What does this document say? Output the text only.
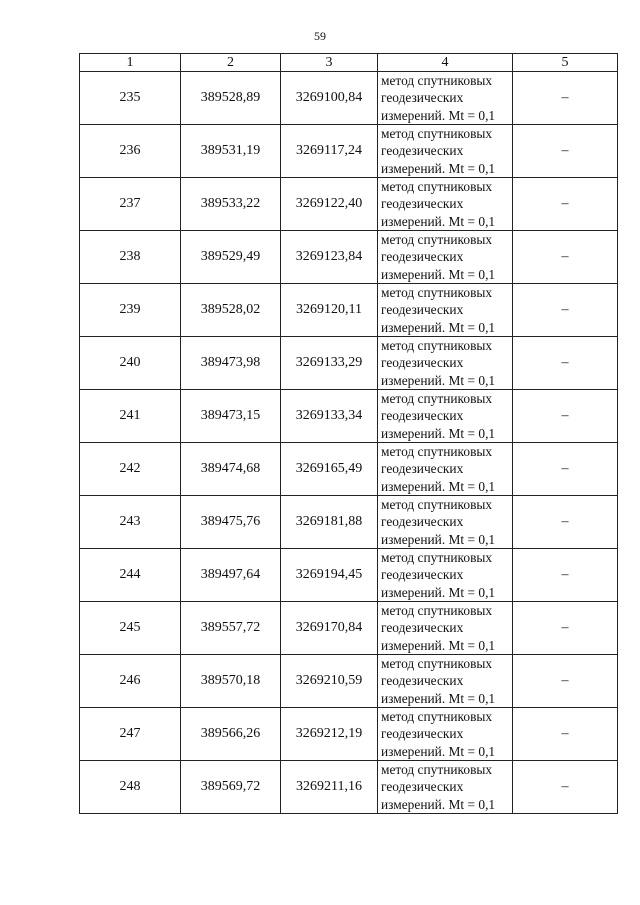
59
1	2	3	4	5
235	389528,89	3269100,84	метод спутниковых
геодезических
измерений. Mt = 0,1	–
236	389531,19	3269117,24	метод спутниковых
геодезических
измерений. Mt = 0,1	–
237	389533,22	3269122,40	метод спутниковых
геодезических
измерений. Mt = 0,1	–
238	389529,49	3269123,84	метод спутниковых
геодезических
измерений. Mt = 0,1	–
239	389528,02	3269120,11	метод спутниковых
геодезических
измерений. Mt = 0,1	–
240	389473,98	3269133,29	метод спутниковых
геодезических
измерений. Mt = 0,1	–
241	389473,15	3269133,34	метод спутниковых
геодезических
измерений. Mt = 0,1	–
242	389474,68	3269165,49	метод спутниковых
геодезических
измерений. Mt = 0,1	–
243	389475,76	3269181,88	метод спутниковых
геодезических
измерений. Mt = 0,1	–
244	389497,64	3269194,45	метод спутниковых
геодезических
измерений. Mt = 0,1	–
245	389557,72	3269170,84	метод спутниковых
геодезических
измерений. Mt = 0,1	–
246	389570,18	3269210,59	метод спутниковых
геодезических
измерений. Mt = 0,1	–
247	389566,26	3269212,19	метод спутниковых
геодезических
измерений. Mt = 0,1	–
248	389569,72	3269211,16	метод спутниковых
геодезических
измерений. Mt = 0,1	–
